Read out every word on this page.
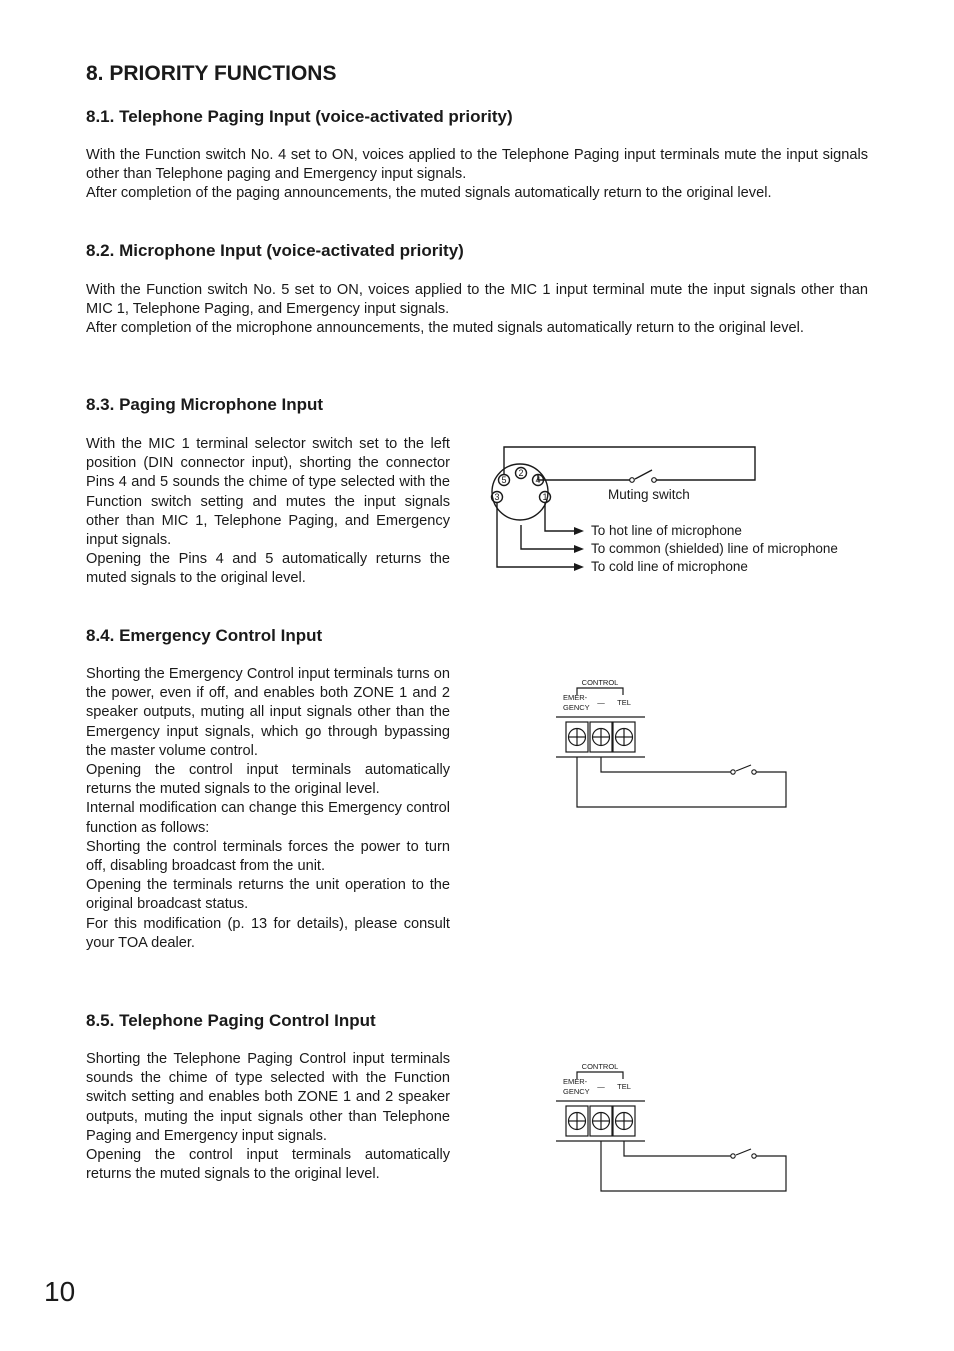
8. PRIORITY FUNCTIONS
8.1. Telephone Paging Input (voice-activated priority)
With the Function switch No. 4 set to ON, voices applied to the Telephone Paging input terminals mute the input signals other than Telephone paging and Emergency input signals.
After completion of the paging announcements, the muted signals automatically return to the original level.
8.2. Microphone Input (voice-activated priority)
With the Function switch No. 5 set to ON, voices applied to the MIC 1 input terminal mute the input signals other than MIC 1, Telephone Paging, and Emergency input signals.
After completion of the microphone announcements, the muted signals automatically return to the original level.
8.3. Paging Microphone Input
With the MIC 1 terminal selector switch set to the left position (DIN connector input), shorting the connector Pins 4 and 5 sounds the chime of type selected with the Function switch setting and mutes the input signals other than MIC 1, Telephone Paging, and Emergency input signals.
Opening the Pins 4 and 5 automatically returns the muted signals to the original level.
2
5	4
3	1	Muting switch
To hot line of microphone
To common (shielded) line of microphone
To cold line of microphone
8.4. Emergency Control Input
Shorting the Emergency Control input terminals turns on the power, even if off, and enables both ZONE 1 and 2 speaker outputs, muting all input signals other than the Emergency input signals, which go through bypassing the master volume control.
Opening the control input terminals automatically returns the muted signals to the original level.
Internal modification can change this Emergency control function as follows:
Shorting the control terminals forces the power to turn off, disabling broadcast from the unit.
Opening the terminals returns the unit operation to the original broadcast status.
For this modification (p. 13 for details), please consult your TOA dealer.
CONTROL
EMER-
GENCY
— TEL
8.5. Telephone Paging Control Input
Shorting the Telephone Paging Control input terminals sounds the chime of type selected with the Function switch setting and enables both ZONE 1 and 2 speaker outputs, muting the input signals other than Telephone Paging and Emergency input signals.
Opening the control input terminals automatically returns the muted signals to the original level.
CONTROL
EMER-
GENCY
— TEL
10
